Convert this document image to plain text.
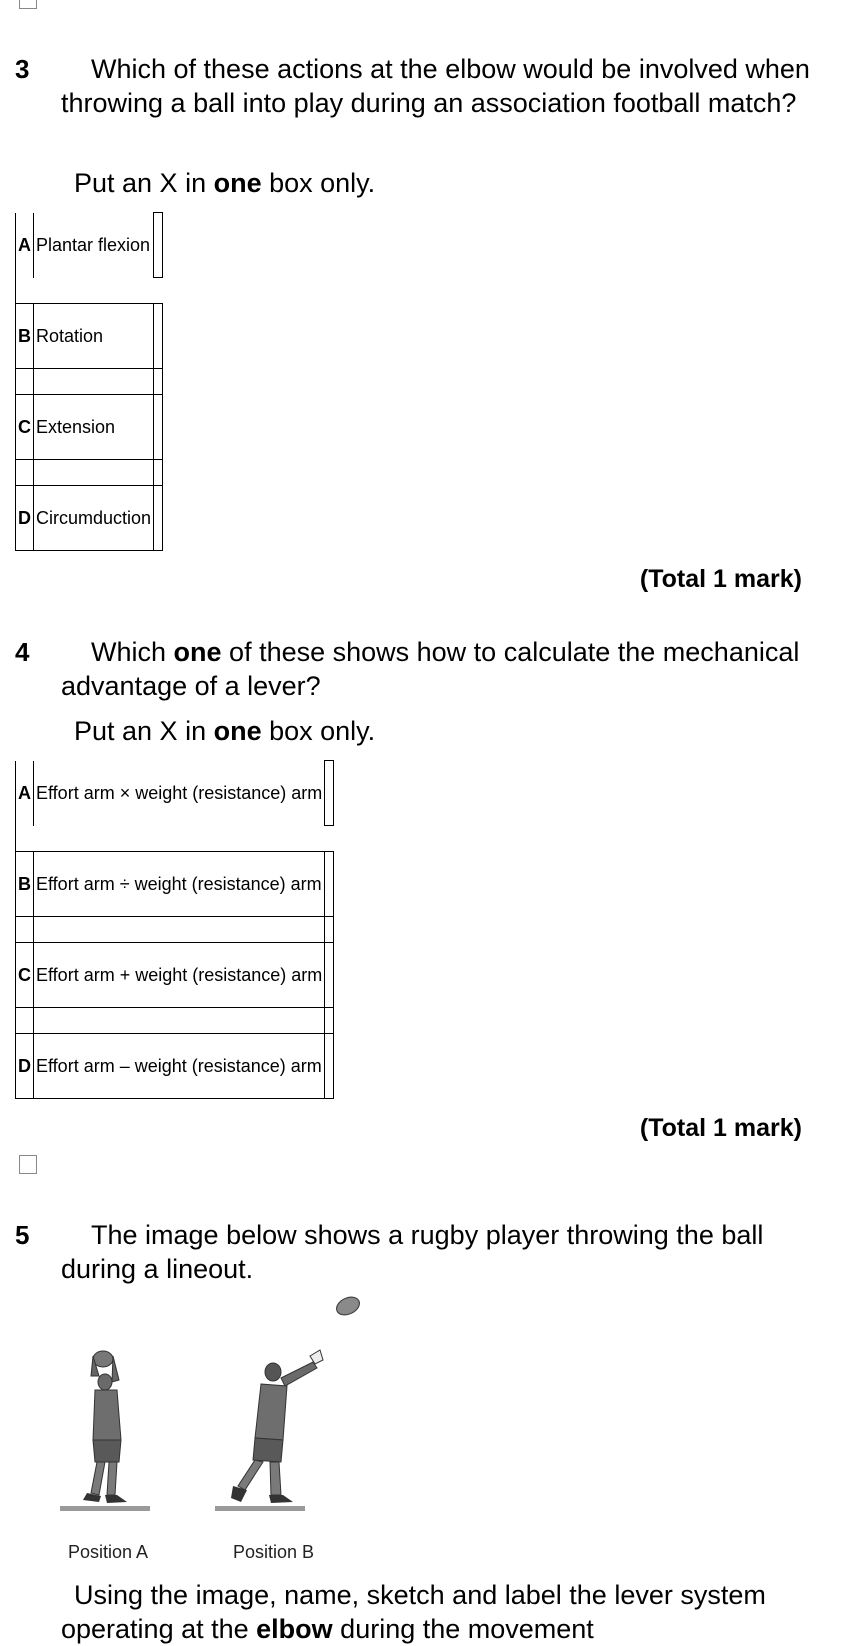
3	Which of these actions at the elbow would be involved when throwing a ball into play during an association football match?
Put an X in one box only.
A	Plantar flexion	

B	Rotation	

C	Extension	

D	Circumduction	
(Total 1 mark)
4	Which one of these shows how to calculate the mechanical advantage of a lever?
Put an X in one box only.
A	Effort arm × weight (resistance) arm	

B	Effort arm ÷ weight (resistance) arm	

C	Effort arm + weight (resistance) arm	

D	Effort arm – weight (resistance) arm	
(Total 1 mark)
5	The image below shows a rugby player throwing the ball during a lineout.
Position A	Position B
Using the image, name, sketch and label the lever system operating at the elbow during the movement
